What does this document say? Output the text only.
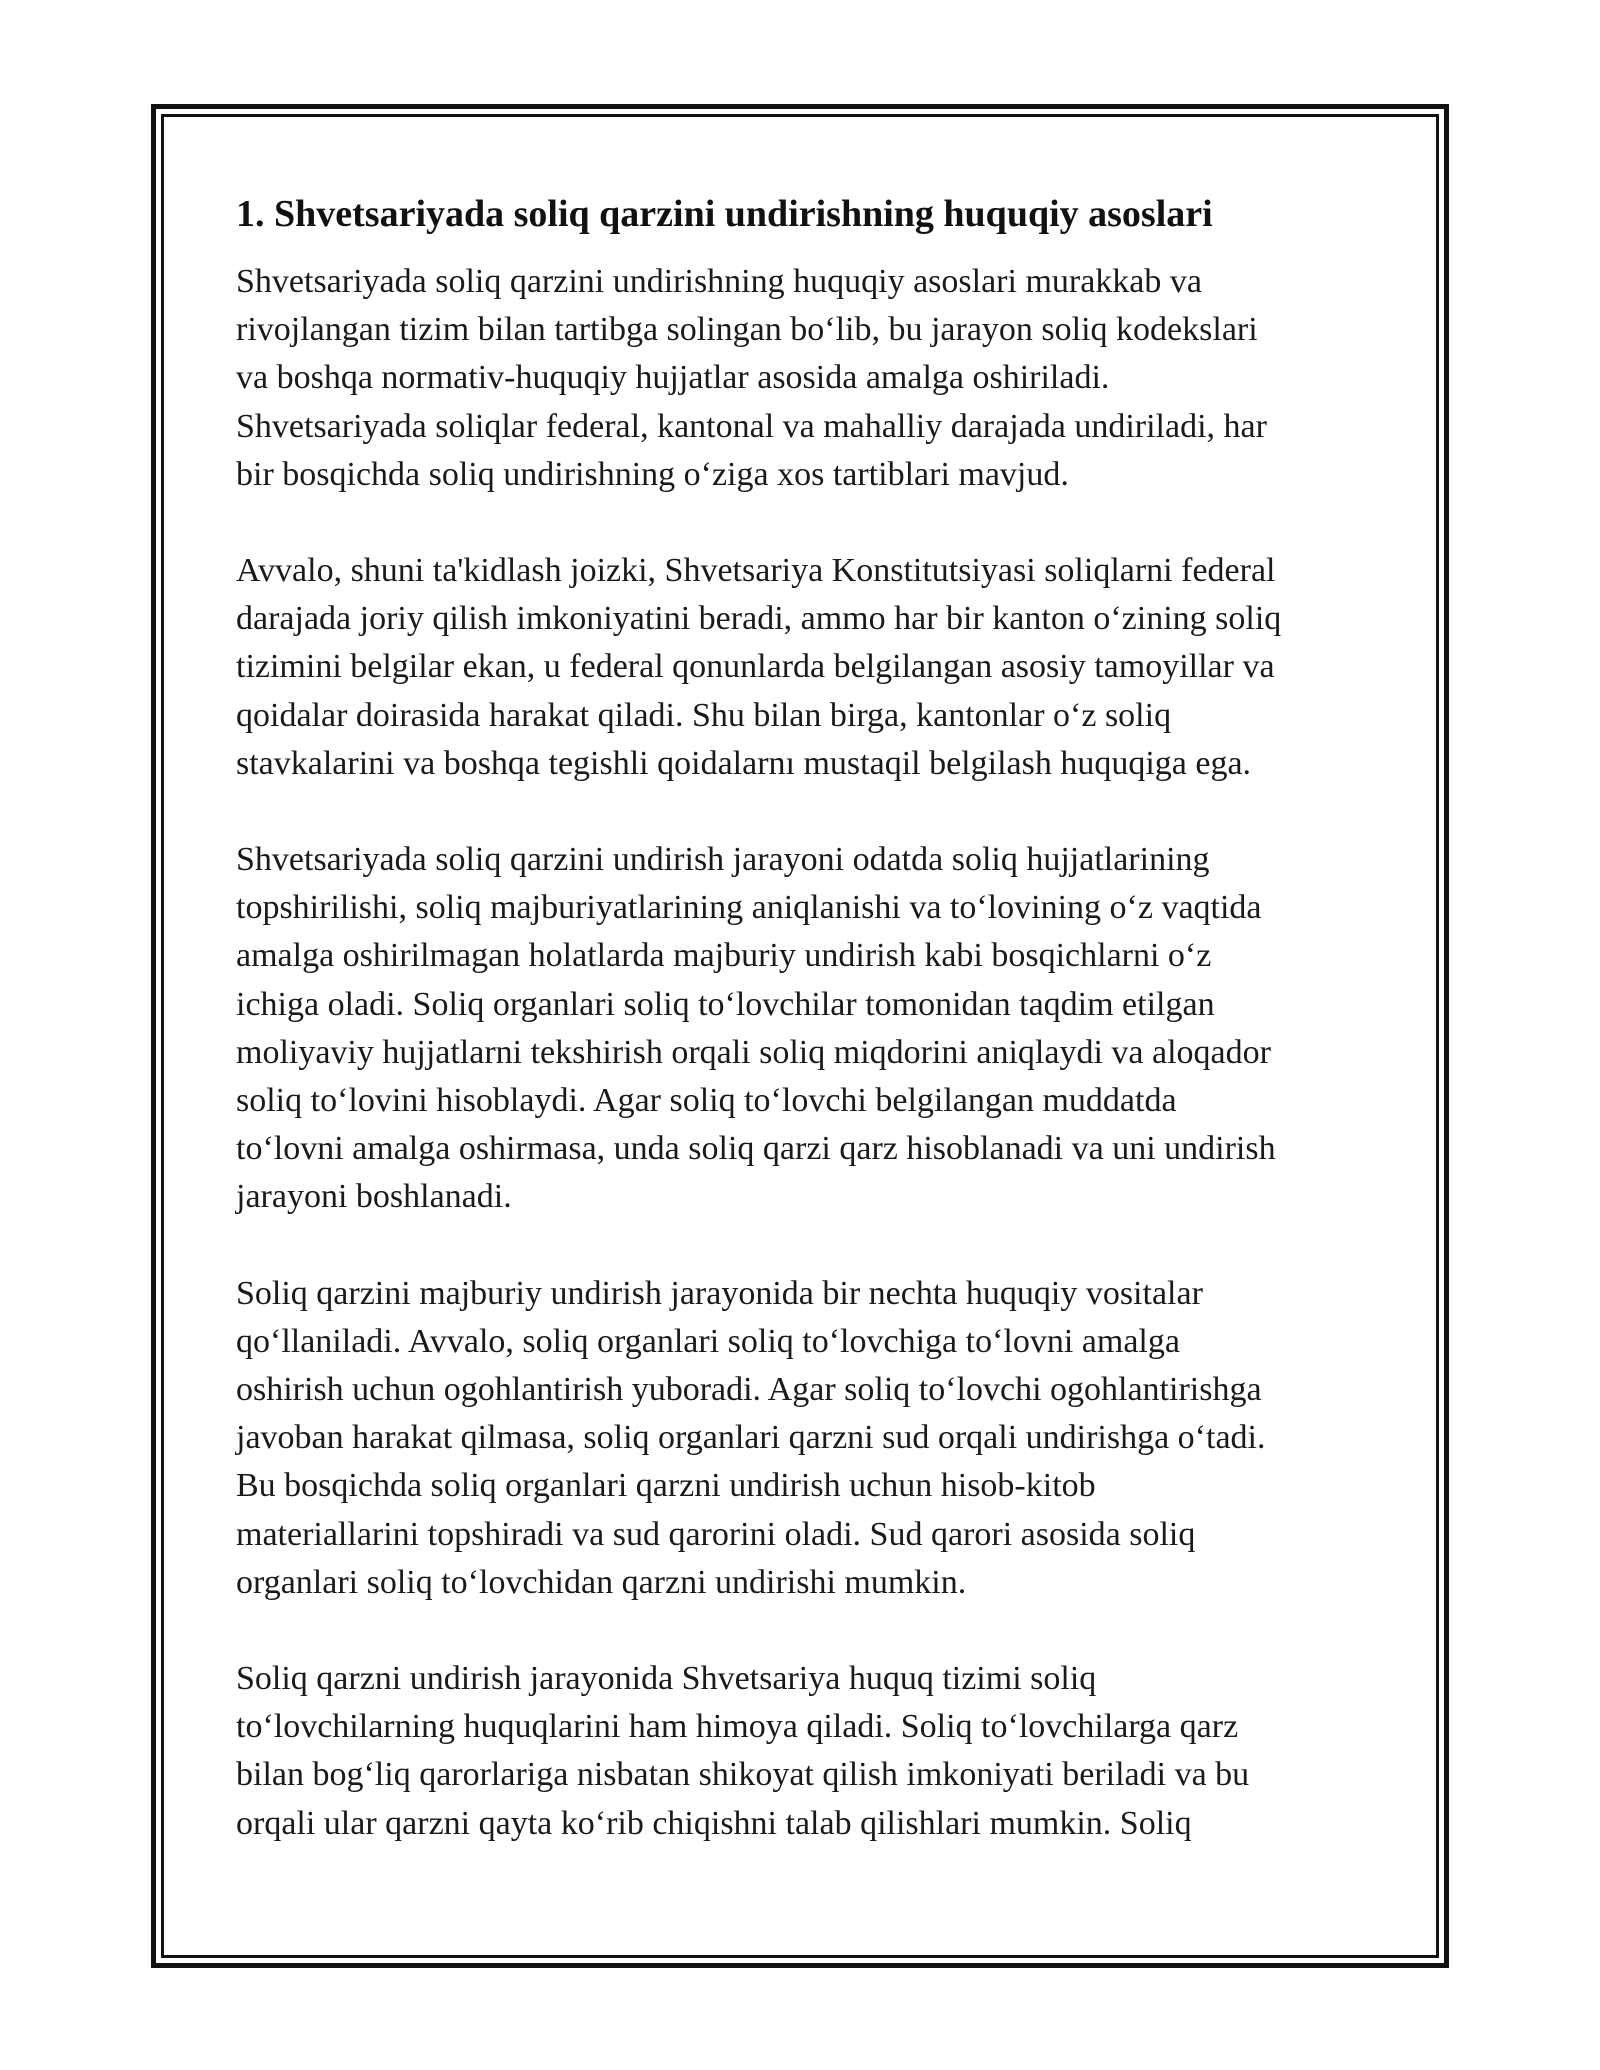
1. Shvetsariyada soliq qarzini undirishning huquqiy asoslari
Shvetsariyada soliq qarzini undirishning huquqiy asoslari murakkab va
rivojlangan tizim bilan tartibga solingan bo‘lib, bu jarayon soliq kodekslari
va boshqa normativ-huquqiy hujjatlar asosida amalga oshiriladi.
Shvetsariyada soliqlar federal, kantonal va mahalliy darajada undiriladi, har
bir bosqichda soliq undirishning o‘ziga xos tartiblari mavjud.
Avvalo, shuni ta'kidlash joizki, Shvetsariya Konstitutsiyasi soliqlarni federal
darajada joriy qilish imkoniyatini beradi, ammo har bir kanton o‘zining soliq
tizimini belgilar ekan, u federal qonunlarda belgilangan asosiy tamoyillar va
qoidalar doirasida harakat qiladi. Shu bilan birga, kantonlar o‘z soliq
stavkalarini va boshqa tegishli qoidalarnı mustaqil belgilash huquqiga ega.
Shvetsariyada soliq qarzini undirish jarayoni odatda soliq hujjatlarining
topshirilishi, soliq majburiyatlarining aniqlanishi va to‘lovining o‘z vaqtida
amalga oshirilmagan holatlarda majburiy undirish kabi bosqichlarni o‘z
ichiga oladi. Soliq organlari soliq to‘lovchilar tomonidan taqdim etilgan
moliyaviy hujjatlarni tekshirish orqali soliq miqdorini aniqlaydi va aloqador
soliq to‘lovini hisoblaydi. Agar soliq to‘lovchi belgilangan muddatda
to‘lovni amalga oshirmasa, unda soliq qarzi qarz hisoblanadi va uni undirish
jarayoni boshlanadi.
Soliq qarzini majburiy undirish jarayonida bir nechta huquqiy vositalar
qo‘llaniladi. Avvalo, soliq organlari soliq to‘lovchiga to‘lovni amalga
oshirish uchun ogohlantirish yuboradi. Agar soliq to‘lovchi ogohlantirishga
javoban harakat qilmasa, soliq organlari qarzni sud orqali undirishga o‘tadi.
Bu bosqichda soliq organlari qarzni undirish uchun hisob-kitob
materiallarini topshiradi va sud qarorini oladi. Sud qarori asosida soliq
organlari soliq to‘lovchidan qarzni undirishi mumkin.
Soliq qarzni undirish jarayonida Shvetsariya huquq tizimi soliq
to‘lovchilarning huquqlarini ham himoya qiladi. Soliq to‘lovchilarga qarz
bilan bog‘liq qarorlariga nisbatan shikoyat qilish imkoniyati beriladi va bu
orqali ular qarzni qayta ko‘rib chiqishni talab qilishlari mumkin. Soliq
